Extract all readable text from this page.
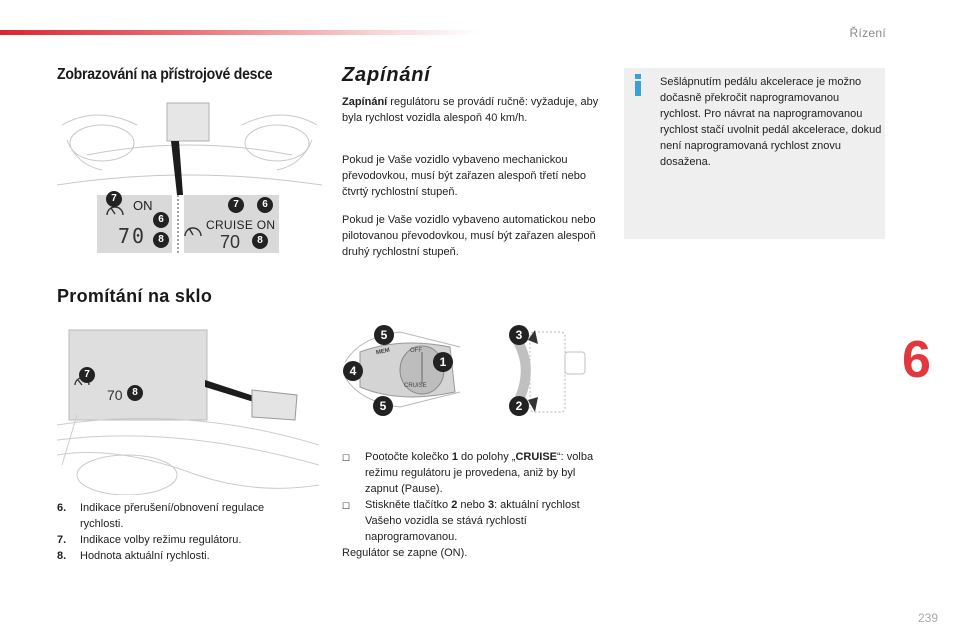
Řízení
Zobrazování na přístrojové desce
ON
70	CRUISE ON
70
7
6
8
7	6
8
Zapínání
Zapínání regulátoru se provádí ručně: vyžaduje, aby byla rychlost vozidla alespoň 40 km/h.
Pokud je Vaše vozidlo vybaveno mechanickou převodovkou, musí být zařazen alespoň třetí nebo čtvrtý rychlostní stupeň.
Pokud je Vaše vozidlo vybaveno automatickou nebo pilotovanou převodovkou, musí být zařazen alespoň druhý rychlostní stupeň.
Sešlápnutím pedálu akcelerace je možno dočasně překročit naprogramovanou rychlost. Pro návrat na naprogramovanou rychlost stačí uvolnit pedál akcelerace, dokud není naprogramovaná rychlost znovu dosažena.
6
Promítání na sklo
70
7
8
MEM	OFF
CRUISE
1
4
5
5
3
2
6.	Indikace přerušení/obnovení regulace rychlosti.
7.	Indikace volby režimu regulátoru.
8.	Hodnota aktuální rychlosti.
☐	Pootočte kolečko 1 do polohy „CRUISE“: volba režimu regulátoru je provedena, aniž by byl zapnut (Pause).
☐	Stiskněte tlačítko 2 nebo 3: aktuální rychlost Vašeho vozidla se stává rychlostí naprogramovanou.
Regulátor se zapne (ON).
239
